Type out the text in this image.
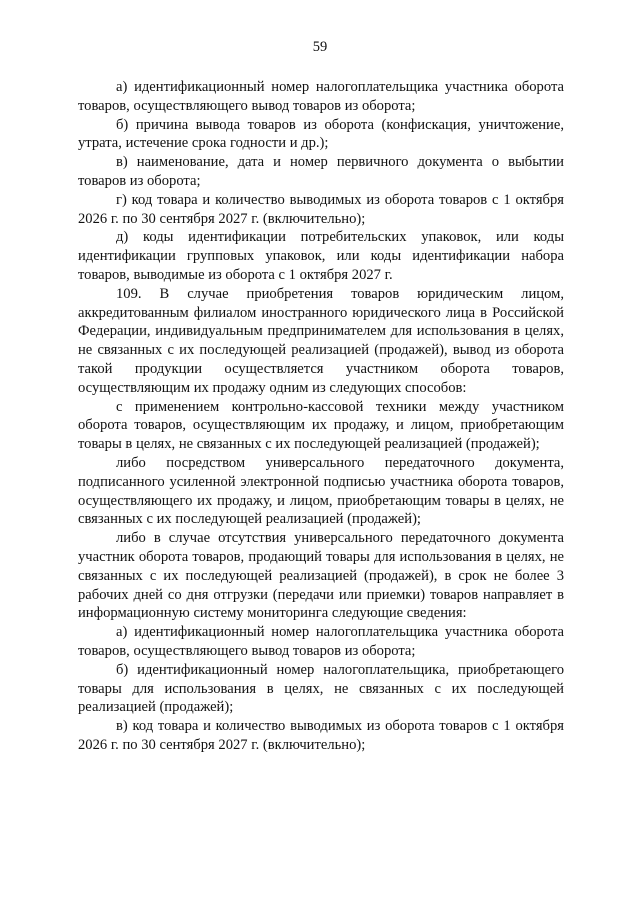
59

а) идентификационный номер налогоплательщика участника оборота товаров, осуществляющего вывод товаров из оборота;

б) причина вывода товаров из оборота (конфискация, уничтожение, утрата, истечение срока годности и др.);

в) наименование, дата и номер первичного документа о выбытии товаров из оборота;

г) код товара и количество выводимых из оборота товаров с 1 октября 2026 г. по 30 сентября 2027 г. (включительно);

д) коды идентификации потребительских упаковок, или коды идентификации групповых упаковок, или коды идентификации набора товаров, выводимые из оборота с 1 октября 2027 г.

109. В случае приобретения товаров юридическим лицом, аккредитованным филиалом иностранного юридического лица в Российской Федерации, индивидуальным предпринимателем для использования в целях, не связанных с их последующей реализацией (продажей), вывод из оборота такой продукции осуществляется участником оборота товаров, осуществляющим их продажу одним из следующих способов:

с применением контрольно-кассовой техники между участником оборота товаров, осуществляющим их продажу, и лицом, приобретающим товары в целях, не связанных с их последующей реализацией (продажей);

либо посредством универсального передаточного документа, подписанного усиленной электронной подписью участника оборота товаров, осуществляющего их продажу, и лицом, приобретающим товары в целях, не связанных с их последующей реализацией (продажей);

либо в случае отсутствия универсального передаточного документа участник оборота товаров, продающий товары для использования в целях, не связанных с их последующей реализацией (продажей), в срок не более 3 рабочих дней со дня отгрузки (передачи или приемки) товаров направляет в информационную систему мониторинга следующие сведения:

а) идентификационный номер налогоплательщика участника оборота товаров, осуществляющего вывод товаров из оборота;

б) идентификационный номер налогоплательщика, приобретающего товары для использования в целях, не связанных с их последующей реализацией (продажей);

в) код товара и количество выводимых из оборота товаров с 1 октября 2026 г. по 30 сентября 2027 г. (включительно);
